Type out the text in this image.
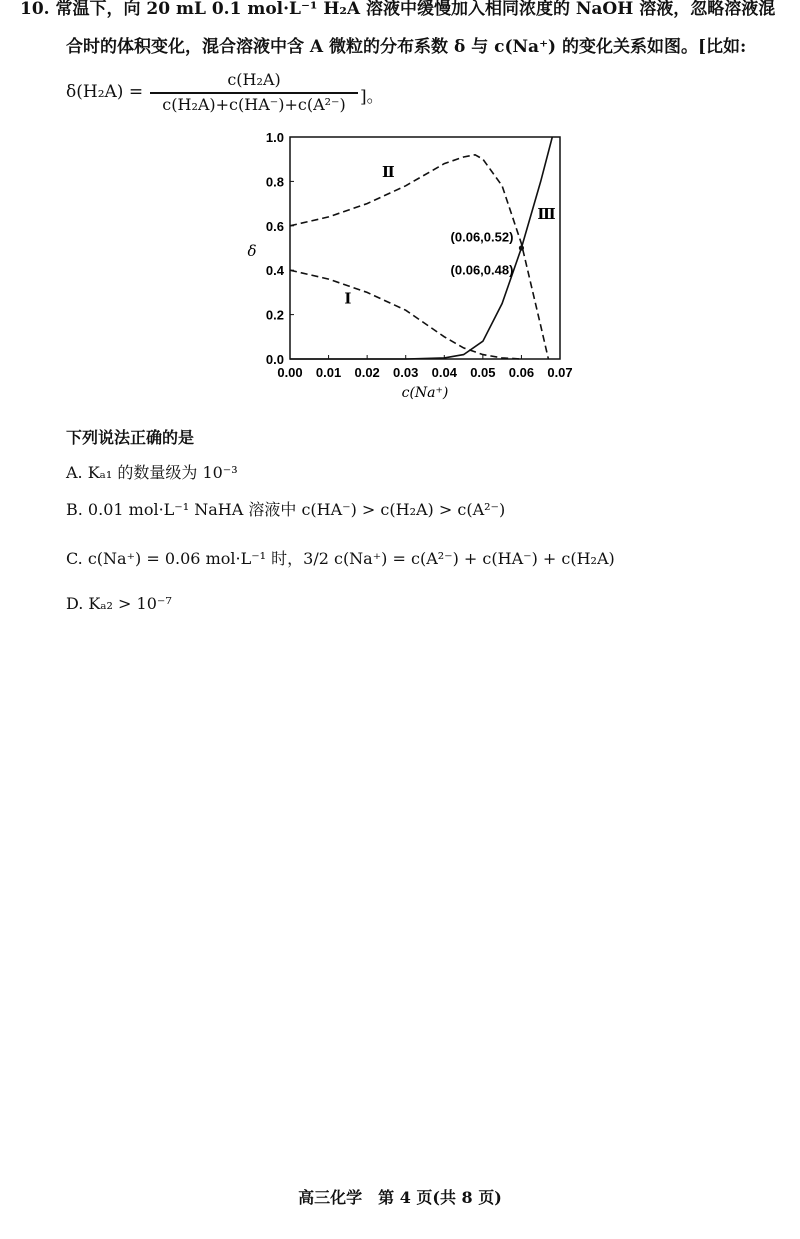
10. 常温下，向 20 mL 0.1 mol·L⁻¹ H₂A 溶液中缓慢加入相同浓度的 NaOH 溶液，忽略溶液混
合时的体积变化，混合溶液中含 A 微粒的分布系数 δ 与 c(Na⁺) 的变化关系如图。[比如:
δ(H₂A) =
c(H₂A)
c(H₂A)+c(HA⁻)+c(A²⁻) ]。
0.00 0.01 0.02 0.03 0.04 0.05 0.06 0.07
0.0
0.2
0.4
0.6
0.8
1.0
δ
c(Na⁺)
Ⅰ
Ⅱ
Ⅲ
(0.06,0.52)
(0.06,0.48)
下列说法正确的是
A. Kₐ₁ 的数量级为 10⁻³
B. 0.01 mol·L⁻¹ NaHA 溶液中 c(HA⁻) > c(H₂A) > c(A²⁻)
C. c(Na⁺) = 0.06 mol·L⁻¹ 时，3/2 c(Na⁺) = c(A²⁻) + c(HA⁻) + c(H₂A)
D. Kₐ₂ > 10⁻⁷
高三化学　第 4 页(共 8 页)
